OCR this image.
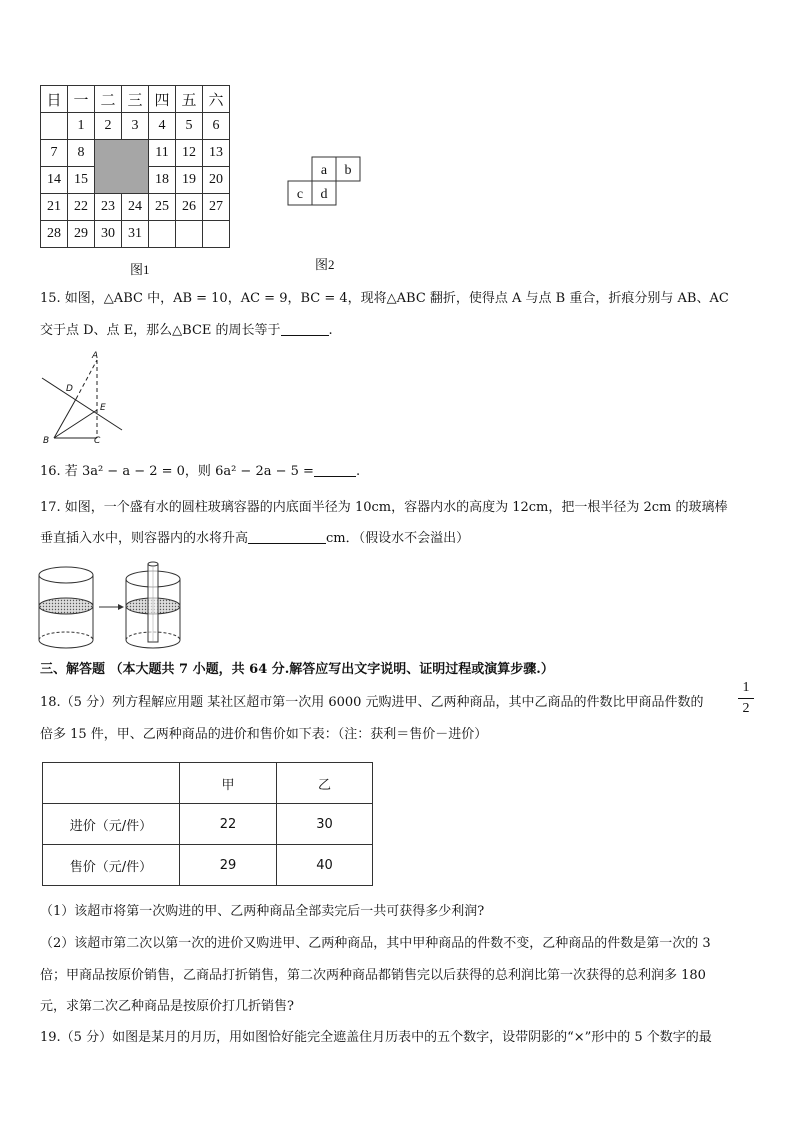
日	一	二	三	四	五	六
	1	2	3	4	5	6
7	8			11	12	13
14	15			18	19	20
21	22	23	24	25	26	27
28	29	30	31			
图1
a b
c d
图2
15. 如图，△ABC 中，AB = 10，AC = 9，BC = 4，现将△ABC 翻折，使得点 A 与点 B 重合，折痕分别与 AB、AC
交于点 D、点 E，那么△BCE 的周长等于	.
A
D
E
B	C
16. 若 3a² − a − 2 = 0，则 6a² − 2a − 5 =	.
17. 如图，一个盛有水的圆柱玻璃容器的内底面半径为 10cm，容器内水的高度为 12cm，把一根半径为 2cm 的玻璃棒
垂直插入水中，则容器内的水将升高	cm．（假设水不会溢出）
三、解答题 （本大题共 7 小题，共 64 分.解答应写出文字说明、证明过程或演算步骤.）
18.（5 分）列方程解应用题 某社区超市第一次用 6000 元购进甲、乙两种商品，其中乙商品的件数比甲商品件数的
1
2
倍多 15 件，甲、乙两种商品的进价和售价如下表：（注：获利＝售价－进价）
	甲	乙
进价（元/件）	22	30
售价（元/件）	29	40
（1）该超市将第一次购进的甲、乙两种商品全部卖完后一共可获得多少利润?
（2）该超市第二次以第一次的进价又购进甲、乙两种商品，其中甲种商品的件数不变，乙种商品的件数是第一次的 3
倍；甲商品按原价销售，乙商品打折销售，第二次两种商品都销售完以后获得的总利润比第一次获得的总利润多 180
元，求第二次乙种商品是按原价打几折销售?
19.（5 分）如图是某月的月历，用如图恰好能完全遮盖住月历表中的五个数字，设带阴影的“×”形中的 5 个数字的最
